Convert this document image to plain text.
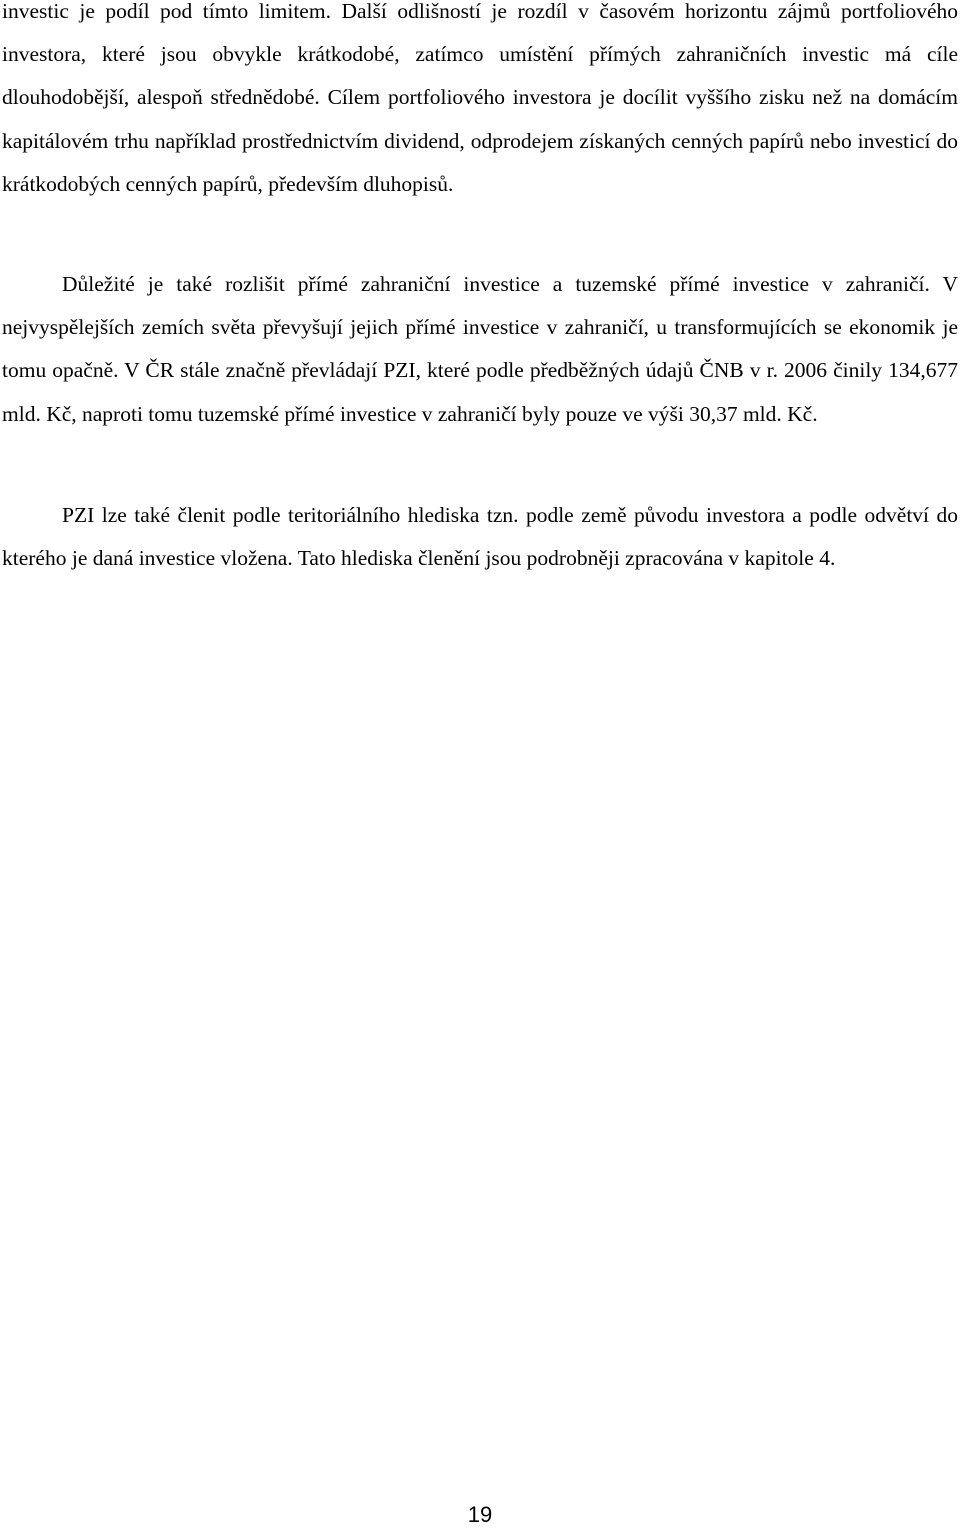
investic je podíl pod tímto limitem. Další odlišností je rozdíl v časovém horizontu zájmů portfoliového investora, které jsou obvykle krátkodobé, zatímco umístění přímých zahraničních investic má cíle dlouhodobější, alespoň střednědobé. Cílem portfoliového investora je docílit vyššího zisku než na domácím kapitálovém trhu například prostřednictvím dividend, odprodejem získaných cenných papírů nebo investicí do krátkodobých cenných papírů, především dluhopisů.
Důležité je také rozlišit přímé zahraniční investice a tuzemské přímé investice v zahraničí. V nejvyspělejších zemích světa převyšují jejich přímé investice v zahraničí, u transformujících se ekonomik je tomu opačně. V ČR stále značně převládají PZI, které podle předběžných údajů ČNB v r. 2006 činily 134,677 mld. Kč, naproti tomu tuzemské přímé investice v zahraničí byly pouze ve výši 30,37 mld. Kč.
PZI lze také členit podle teritoriálního hlediska tzn. podle země původu investora a podle odvětví do kterého je daná investice vložena. Tato hlediska členění jsou podrobněji zpracována v kapitole 4.
19
